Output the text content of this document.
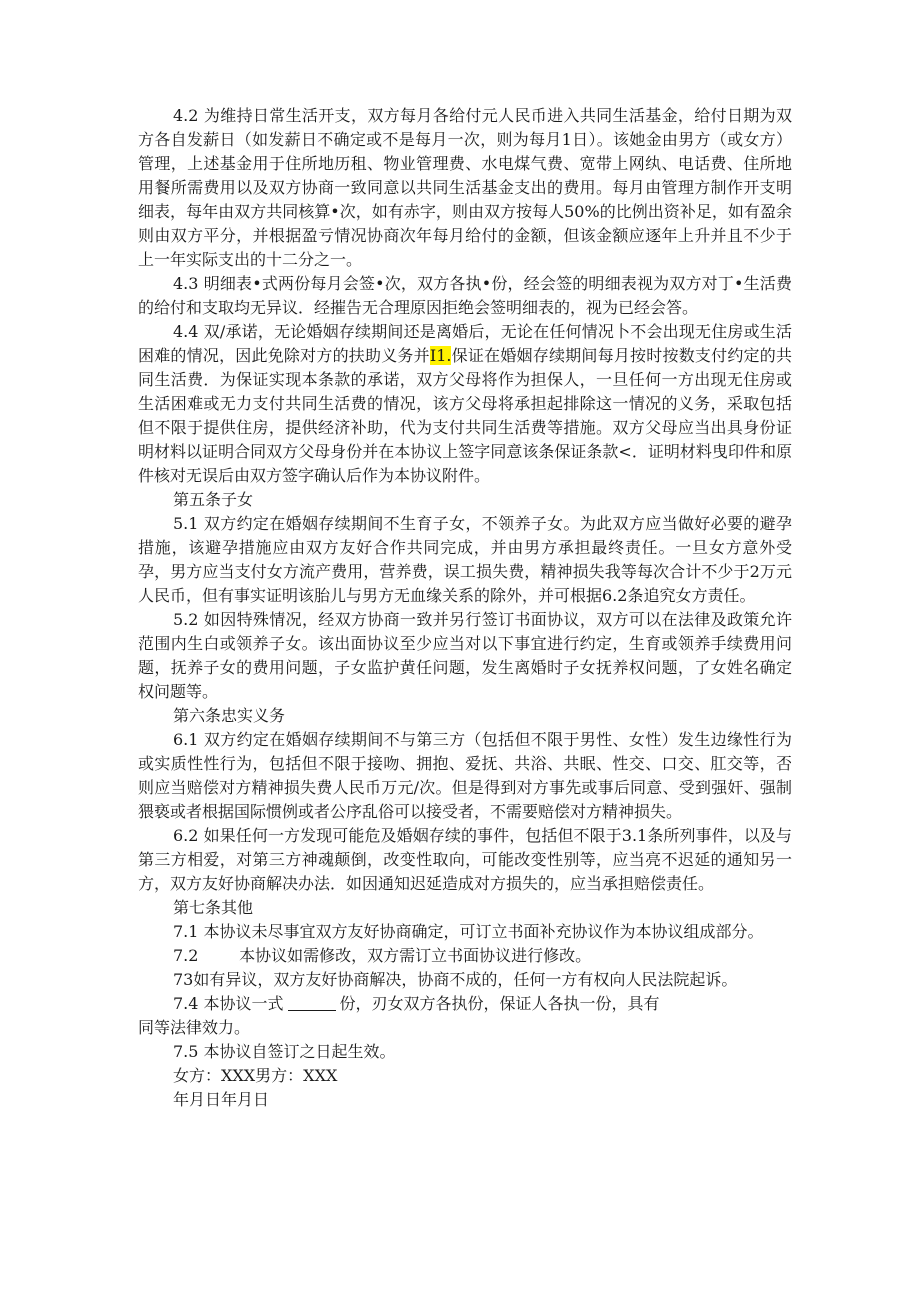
4.2 为维持日常生活开支，双方每月各给付元人民币进入共同生活基金，给付日期为双方各自发薪日（如发薪日不确定或不是每月一次，则为每月1日）。该她金由男方（或女方）管理，上述基金用于住所地历租、物业管理费、水电煤气费、宽带上网纨、电话费、住所地用餐所需费用以及双方协商一致同意以共同生活基金支出的费用。每月由管理方制作开支明细表，每年由双方共同核算•次，如有赤字，则由双方按每人50%的比例出资补足，如有盈余则由双方平分，并根据盈亏情况协商次年每月给付的金额，但该金额应逐年上升并且不少于上一年实际支出的十二分之一。

4.3 明细表•式两份每月会签•次，双方各执•份，经会签的明细表视为双方对丁•生活费的给付和支取均无异议．经摧告无合理原因拒绝会签明细表的，视为已经会答。

4.4 双/承诺，无论婚姻存续期间还是离婚后，无论在任何情况卜不会出现无住房或生活困难的情况，因此免除对方的扶助义务并I1.保证在婚姻存续期间每月按时按数支付约定的共同生活费．为保证实现本条款的承诺，双方父母将作为担保人，一旦任何一方出现无住房或生活困难或无力支付共同生活费的情况，该方父母将承担起排除这一情况的义务，采取包括但不限于提供住房，提供经济补助，代为支付共同生活费等措施。双方父母应当出具身份证明材料以证明合同双方父母身份并在本协议上签字同意该条保证条款<．证明材料曳印件和原件核对无误后由双方签字确认后作为本协议附件。

第五条子女

5.1 双方约定在婚姻存续期间不生育子女，不领养子女。为此双方应当做好必要的避孕措施，该避孕措施应由双方友好合作共同完成，并由男方承担最终责任。一旦女方意外受孕，男方应当支付女方流产费用，营养费，误工损失费，精神损失我等每次合计不少于2万元人民币，但有事实证明该胎儿与男方无血缘关系的除外，并可根据6.2条追究女方责任。

5.2 如因特殊情况，经双方协商一致并另行签订书面协议，双方可以在法律及政策允许范围内生白或领养子女。该出面协议至少应当对以下事宜进行约定，生育或领养手续费用问题，抚养子女的费用问题，子女监护黄任问题，发生离婚时子女抚养权问题，了女姓名确定权问题等。

第六条忠实义务

6.1 双方约定在婚姻存续期间不与第三方（包括但不限于男性、女性）发生边缘性行为或实质性性行为，包括但不限于接吻、拥抱、爱抚、共浴、共眠、性交、口交、肛交等，否则应当赔偿对方精神损失费人民币万元/次。但是得到对方事先或事后同意、受到强奸、强制猥亵或者根据国际惯例或者公序乱俗可以接受者，不需要赔偿对方精神损失。

6.2 如果任何一方发现可能危及婚姻存续的事件，包括但不限于3.1条所列事件，以及与第三方相爱，对第三方神魂颠倒，改变性取向，可能改变性别等，应当亮不迟延的通知另一方，双方友好协商解决办法．如因通知迟延造成对方损失的，应当承担赔偿责任。

第七条其他

7.1 本协议未尽事宜双方友好协商确定，可订立书面补充协议作为本协议组成部分。

7.2        本协议如需修改，双方需订立书面协议进行修改。

73如有异议，双方友好协商解决，协商不成的，任何一方有权向人民法院起诉。

7.4 本协议一式	份，刃女双方各执份，保证人各执一份，具有

同等法律效力。

7.5 本协议自签订之日起生效。

女方：XXX男方：XXX

年月日年月日
